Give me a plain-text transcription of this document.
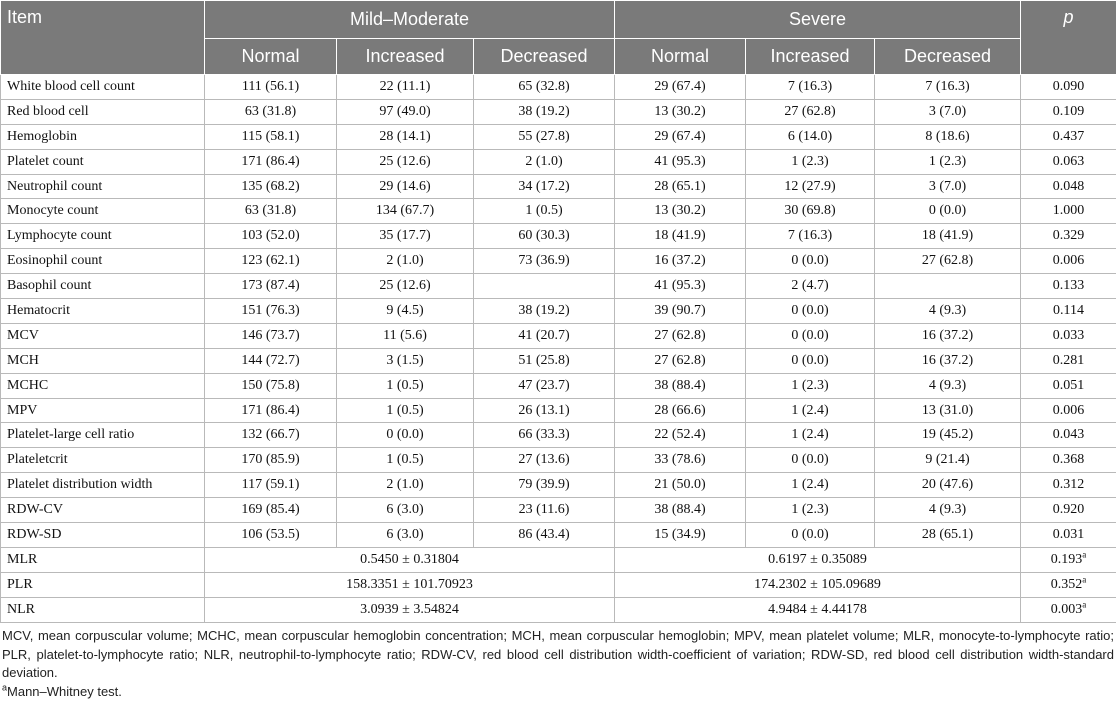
Item	Mild–Moderate			Severe			p
	Normal	Increased	Decreased	Normal	Increased	Decreased	
White blood cell count	111 (56.1)	22 (11.1)	65 (32.8)	29 (67.4)	7 (16.3)	7 (16.3)	0.090
Red blood cell	63 (31.8)	97 (49.0)	38 (19.2)	13 (30.2)	27 (62.8)	3 (7.0)	0.109
Hemoglobin	115 (58.1)	28 (14.1)	55 (27.8)	29 (67.4)	6 (14.0)	8 (18.6)	0.437
Platelet count	171 (86.4)	25 (12.6)	2 (1.0)	41 (95.3)	1 (2.3)	1 (2.3)	0.063
Neutrophil count	135 (68.2)	29 (14.6)	34 (17.2)	28 (65.1)	12 (27.9)	3 (7.0)	0.048
Monocyte count	63 (31.8)	134 (67.7)	1 (0.5)	13 (30.2)	30 (69.8)	0 (0.0)	1.000
Lymphocyte count	103 (52.0)	35 (17.7)	60 (30.3)	18 (41.9)	7 (16.3)	18 (41.9)	0.329
Eosinophil count	123 (62.1)	2 (1.0)	73 (36.9)	16 (37.2)	0 (0.0)	27 (62.8)	0.006
Basophil count	173 (87.4)	25 (12.6)		41 (95.3)	2 (4.7)		0.133
Hematocrit	151 (76.3)	9 (4.5)	38 (19.2)	39 (90.7)	0 (0.0)	4 (9.3)	0.114
MCV	146 (73.7)	11 (5.6)	41 (20.7)	27 (62.8)	0 (0.0)	16 (37.2)	0.033
MCH	144 (72.7)	3 (1.5)	51 (25.8)	27 (62.8)	0 (0.0)	16 (37.2)	0.281
MCHC	150 (75.8)	1 (0.5)	47 (23.7)	38 (88.4)	1 (2.3)	4 (9.3)	0.051
MPV	171 (86.4)	1 (0.5)	26 (13.1)	28 (66.6)	1 (2.4)	13 (31.0)	0.006
Platelet-large cell ratio	132 (66.7)	0 (0.0)	66 (33.3)	22 (52.4)	1 (2.4)	19 (45.2)	0.043
Plateletcrit	170 (85.9)	1 (0.5)	27 (13.6)	33 (78.6)	0 (0.0)	9 (21.4)	0.368
Platelet distribution width	117 (59.1)	2 (1.0)	79 (39.9)	21 (50.0)	1 (2.4)	20 (47.6)	0.312
RDW-CV	169 (85.4)	6 (3.0)	23 (11.6)	38 (88.4)	1 (2.3)	4 (9.3)	0.920
RDW-SD	106 (53.5)	6 (3.0)	86 (43.4)	15 (34.9)	0 (0.0)	28 (65.1)	0.031
MLR	0.5450 ± 0.31804			0.6197 ± 0.35089			0.193$^a$
PLR	158.3351 ± 101.70923			174.2302 ± 105.09689			0.352$^a$
NLR	3.0939 ± 3.54824			4.9484 ± 4.44178			0.003$^a$

MCV, mean corpuscular volume; MCHC, mean corpuscular hemoglobin concentration; MCH, mean corpuscular hemoglobin; MPV, mean platelet volume; MLR, monocyte-to-lymphocyte ratio; PLR, platelet-to-lymphocyte ratio; NLR, neutrophil-to-lymphocyte ratio; RDW-CV, red blood cell distribution width-coefficient of variation; RDW-SD, red blood cell distribution width-standard deviation.

$^a$Mann–Whitney test.
